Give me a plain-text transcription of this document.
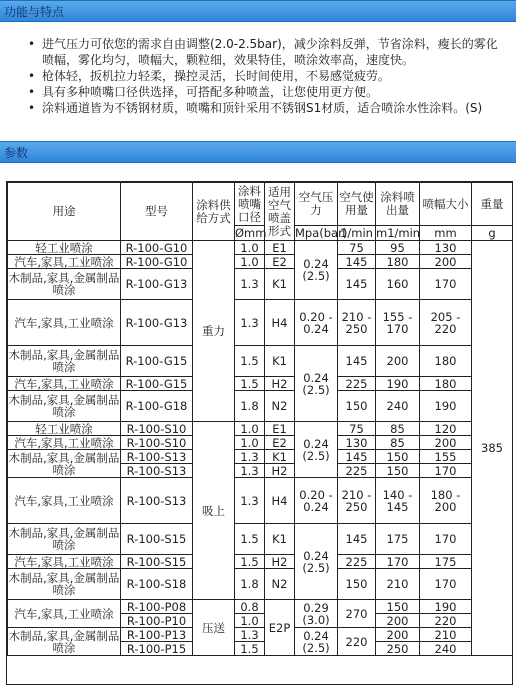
功能与特点
• 进气压力可依您的需求自由调整(2.0-2.5bar)，减少涂料反弹，节省涂料，瘦长的雾化喷幅，雾化均匀，喷幅大，颗粒细，效果特佳，喷涂效率高，速度快。
• 枪体轻，扳机拉力轻柔，操控灵活，长时间使用，不易感觉疲劳。
• 具有多种喷嘴口径供选择，可搭配多种喷盖，让您使用更方便。
• 涂料通道皆为不锈钢材质，喷嘴和顶针采用不锈钢S1材质，适合喷涂水性涂料。(S)
参数
用途	型号	涂料供给方式	涂料喷嘴口径	适用空气喷盖形式	空气压力	空气使用量	涂料喷出量	喷幅大小	重量
			Ømm		Mpa(bar)	1/min	m1/min	mm	g
轻工业喷涂	R-100-G10	重力	1.0	E1	0.24 (2.5)	75	95	130	385
汽车,家具,工业喷涂	R-100-G10		1.0	E2		145	180	200	
木制品,家具,金属制品喷涂	R-100-G13		1.3	K1		145	160	170	
汽车,家具,工业喷涂	R-100-G13		1.3	H4	0.20 - 0.24	210 - 250	155 - 170	205 - 220	
木制品,家具,金属制品喷涂	R-100-G15		1.5	K1	0.24 (2.5)	145	200	180	
汽车,家具,工业喷涂	R-100-G15		1.5	H2		225	190	180	
木制品,家具,金属制品喷涂	R-100-G18		1.8	N2		150	240	190	
轻工业喷涂	R-100-S10	吸上	1.0	E1	0.24 (2.5)	75	85	120	
汽车,家具,工业喷涂	R-100-S10		1.0	E2		130	85	200	
木制品,家具,金属制品喷涂	R-100-S13		1.3	K1		145	150	155	
	R-100-S13		1.3	H2		225	150	170	
汽车,家具,工业喷涂	R-100-S13		1.3	H4	0.20 - 0.24	210 - 250	140 - 145	180 - 200	
木制品,家具,金属制品喷涂	R-100-S15		1.5	K1	0.24 (2.5)	145	175	170	
汽车,家具,工业喷涂	R-100-S15		1.5	H2		225	170	175	
木制品,家具,金属制品喷涂	R-100-S18		1.8	N2		150	210	170	
汽车,家具,工业喷涂	R-100-P08	压送	0.8	E2P	0.29 (3.0)	270	150	190	
	R-100-P10		1.0				200	220	
木制品,家具,金属制品喷涂	R-100-P13		1.3		0.24 (2.5)	220	200	210	
	R-100-P15		1.5				250	240	
